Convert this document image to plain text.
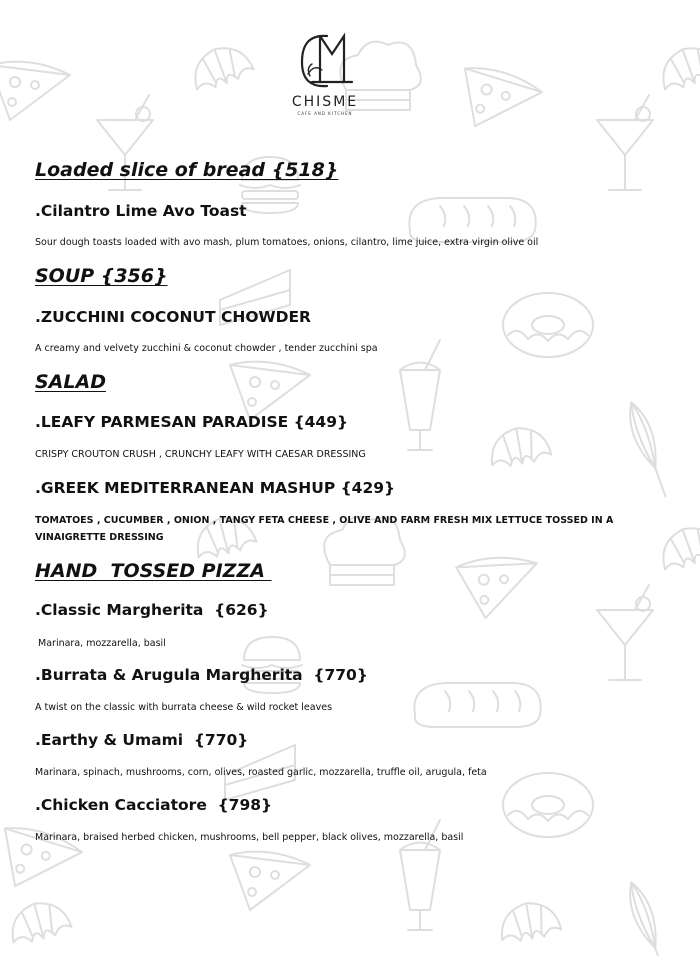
CHISME
CAFE AND KITCHEN
Loaded slice of bread {518}
.Cilantro Lime Avo Toast
Sour dough toasts loaded with avo mash, plum tomatoes, onions, cilantro, lime juice, extra virgin olive oil
SOUP {356}
.ZUCCHINI COCONUT CHOWDER
A creamy and velvety zucchini & coconut chowder , tender zucchini spa
SALAD
.LEAFY PARMESAN PARADISE {449}
CRISPY CROUTON CRUSH , CRUNCHY LEAFY WITH CAESAR DRESSING
.GREEK MEDITERRANEAN MASHUP {429}
TOMATOES , CUCUMBER , ONION , TANGY FETA CHEESE , OLIVE AND FARM FRESH MIX LETTUCE TOSSED IN A VINAIGRETTE DRESSING
HAND  TOSSED PIZZA
.Classic Margherita  {626}
Marinara, mozzarella, basil
.Burrata & Arugula Margherita  {770}
A twist on the classic with burrata cheese & wild rocket leaves
.Earthy & Umami  {770}
Marinara, spinach, mushrooms, corn, olives, roasted garlic, mozzarella, truffle oil, arugula, feta
.Chicken Cacciatore  {798}
Marinara, braised herbed chicken, mushrooms, bell pepper, black olives, mozzarella, basil
